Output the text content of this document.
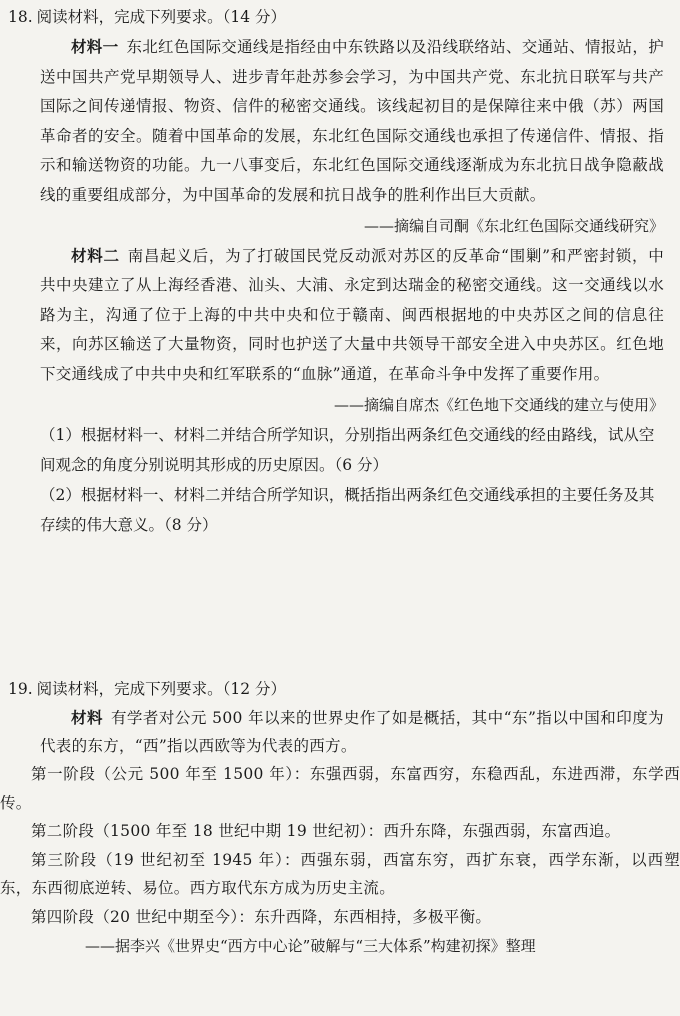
18. 阅读材料，完成下列要求。（14 分）

材料一 东北红色国际交通线是指经由中东铁路以及沿线联络站、交通站、情报站，护送中国共产党早期领导人、进步青年赴苏参会学习，为中国共产党、东北抗日联军与共产国际之间传递情报、物资、信件的秘密交通线。该线起初目的是保障往来中俄（苏）两国革命者的安全。随着中国革命的发展，东北红色国际交通线也承担了传递信件、情报、指示和输送物资的功能。九一八事变后，东北红色国际交通线逐渐成为东北抗日战争隐蔽战线的重要组成部分，为中国革命的发展和抗日战争的胜利作出巨大贡献。

——摘编自司酮《东北红色国际交通线研究》

材料二 南昌起义后，为了打破国民党反动派对苏区的反革命“围剿”和严密封锁，中共中央建立了从上海经香港、汕头、大浦、永定到达瑞金的秘密交通线。这一交通线以水路为主，沟通了位于上海的中共中央和位于赣南、闽西根据地的中央苏区之间的信息往来，向苏区输送了大量物资，同时也护送了大量中共领导干部安全进入中央苏区。红色地下交通线成了中共中央和红军联系的“血脉”通道，在革命斗争中发挥了重要作用。

——摘编自席杰《红色地下交通线的建立与使用》
（1）根据材料一、材料二并结合所学知识，分别指出两条红色交通线的经由路线，试从空间观念的角度分别说明其形成的历史原因。（6 分）
（2）根据材料一、材料二并结合所学知识，概括指出两条红色交通线承担的主要任务及其存续的伟大意义。（8 分）
19. 阅读材料，完成下列要求。（12 分）

材料 有学者对公元 500 年以来的世界史作了如是概括，其中“东”指以中国和印度为代表的东方，“西”指以西欧等为代表的西方。

第一阶段（公元 500 年至 1500 年）：东强西弱，东富西穷，东稳西乱，东进西滞，东学西传。

第二阶段（1500 年至 18 世纪中期 19 世纪初）：西升东降，东强西弱，东富西追。

第三阶段（19 世纪初至 1945 年）：西强东弱，西富东穷，西扩东衰，西学东渐，以西塑东，东西彻底逆转、易位。西方取代东方成为历史主流。

第四阶段（20 世纪中期至今）：东升西降，东西相持，多极平衡。

——据李兴《世界史“西方中心论”破解与“三大体系”构建初探》整理
